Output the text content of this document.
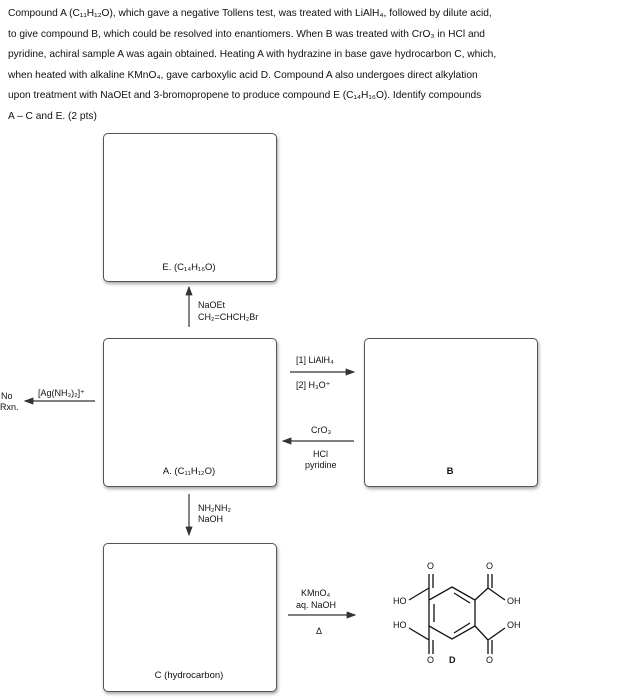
Compound A (C₁₁H₁₂O), which gave a negative Tollens test, was treated with LiAlH₄, followed by dilute acid,

to give compound B, which could be resolved into enantiomers. When B was treated with CrO₃ in HCl and

pyridine, achiral sample A was again obtained. Heating A with hydrazine in base gave hydrocarbon C, which,

when heated with alkaline KMnO₄, gave carboxylic acid D. Compound A also undergoes direct alkylation

upon treatment with NaOEt and 3-bromopropene to produce compound E (C₁₄H₁₆O). Identify compounds

A – C and E. (2 pts)

E. (C₁₄H₁₆O)
A. (C₁₁H₁₂O)	B
C (hydrocarbon)
NaOEt
CH₂=CHCH₂Br
[1] LiAlH₄
[2] H₃O⁺
CrO₃
HCl
pyridine
[Ag(NH₃)₂]⁺
No
Rxn.
NH₂NH₂
NaOH
KMnO₄
aq. NaOH
Δ
O	O
O	O
HO	OH
HO	OH
D
